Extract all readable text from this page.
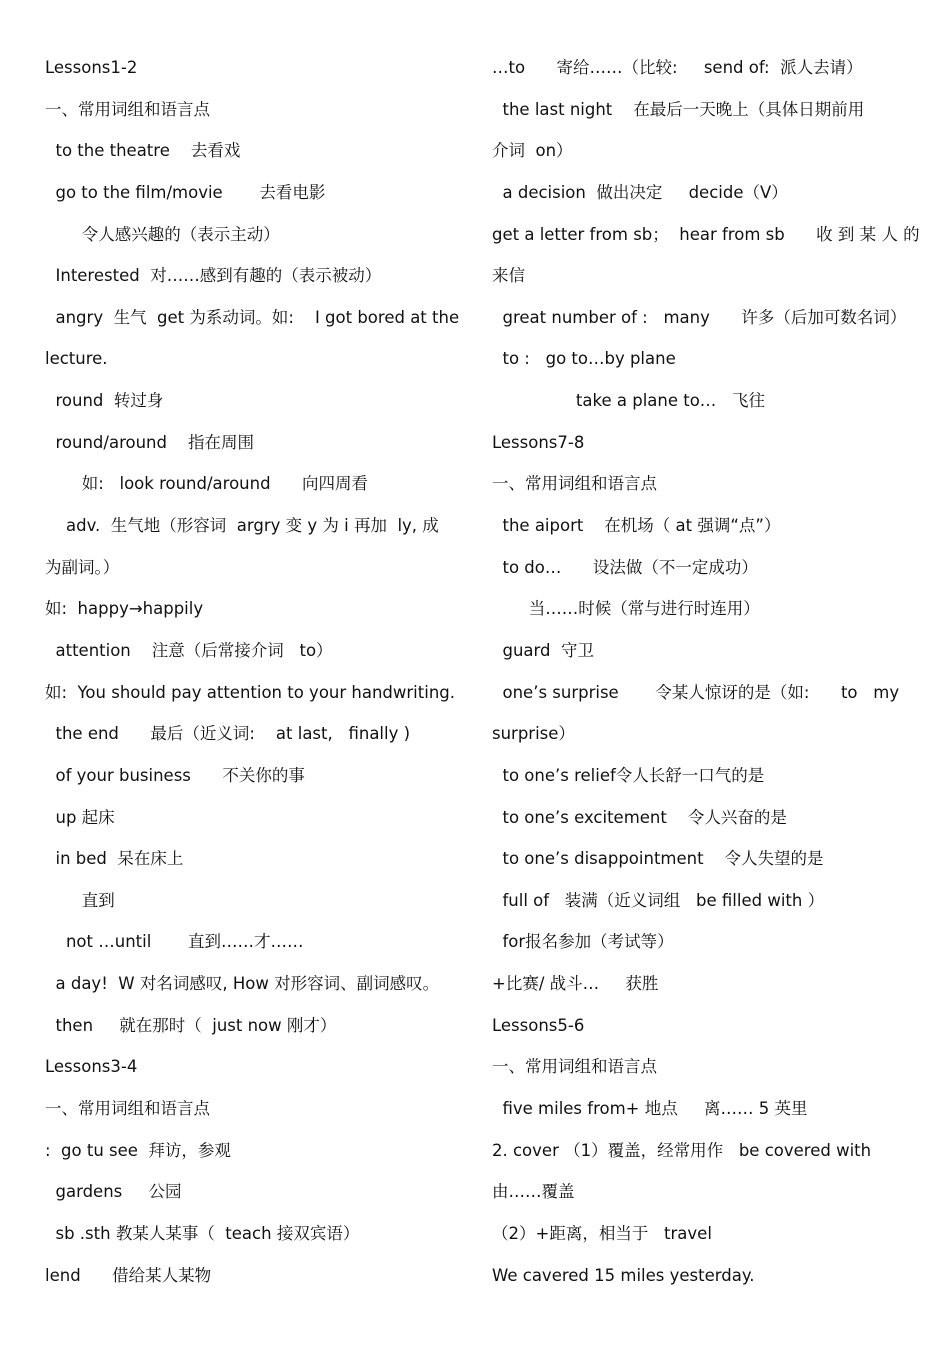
Lessons1-2
一、常用词组和语言点
to the theatre    去看戏
go to the film/movie       去看电影
令人感兴趣的（表示主动）
Interested  对……感到有趣的（表示被动）
angry  生气  get 为系动词。如:    I got bored at the
lecture.
round  转过身
round/around    指在周围
如:   look round/around      向四周看
adv.  生气地（形容词  argry 变 y 为 i 再加  ly, 成
为副词。）
如:  happy→happily
attention    注意（后常接介词   to）
如:  You should pay attention to your handwriting.
the end      最后（近义词:    at last,   finally )
of your business      不关你的事
up 起床
in bed  呆在床上
直到
not …until       直到……才……
a day!  W 对名词感叹, How 对形容词、副词感叹。
then     就在那时（  just now 刚才）
Lessons3-4
一、常用词组和语言点
:  go tu see  拜访，参观
gardens     公园
sb .sth 教某人某事（  teach 接双宾语）
lend      借给某人某物
…to      寄给……（比较:     send of:  派人去请）
the last night    在最后一天晚上（具体日期前用
介词  on）
a decision  做出决定     decide（V）
get a letter from sb；  hear from sb      收 到 某 人 的
来信
great number of :   many      许多（后加可数名词）
to :   go to…by plane
take a plane to…   飞往
Lessons7-8
一、常用词组和语言点
the aiport    在机场（ at 强调“点”）
to do…      设法做（不一定成功）
当……时候（常与进行时连用）
guard  守卫
one’s surprise       令某人惊讶的是（如:      to   my
surprise）
to one’s relief令人长舒一口气的是
to one’s excitement    令人兴奋的是
to one’s disappointment    令人失望的是
full of   装满（近义词组   be filled with ）
for报名参加（考试等）
+比赛/ 战斗…     获胜
Lessons5-6
一、常用词组和语言点
five miles from+ 地点     离…… 5 英里
2. cover （1）覆盖，经常用作   be covered with
由……覆盖
（2）+距离，相当于   travel
We cavered 15 miles yesterday.
